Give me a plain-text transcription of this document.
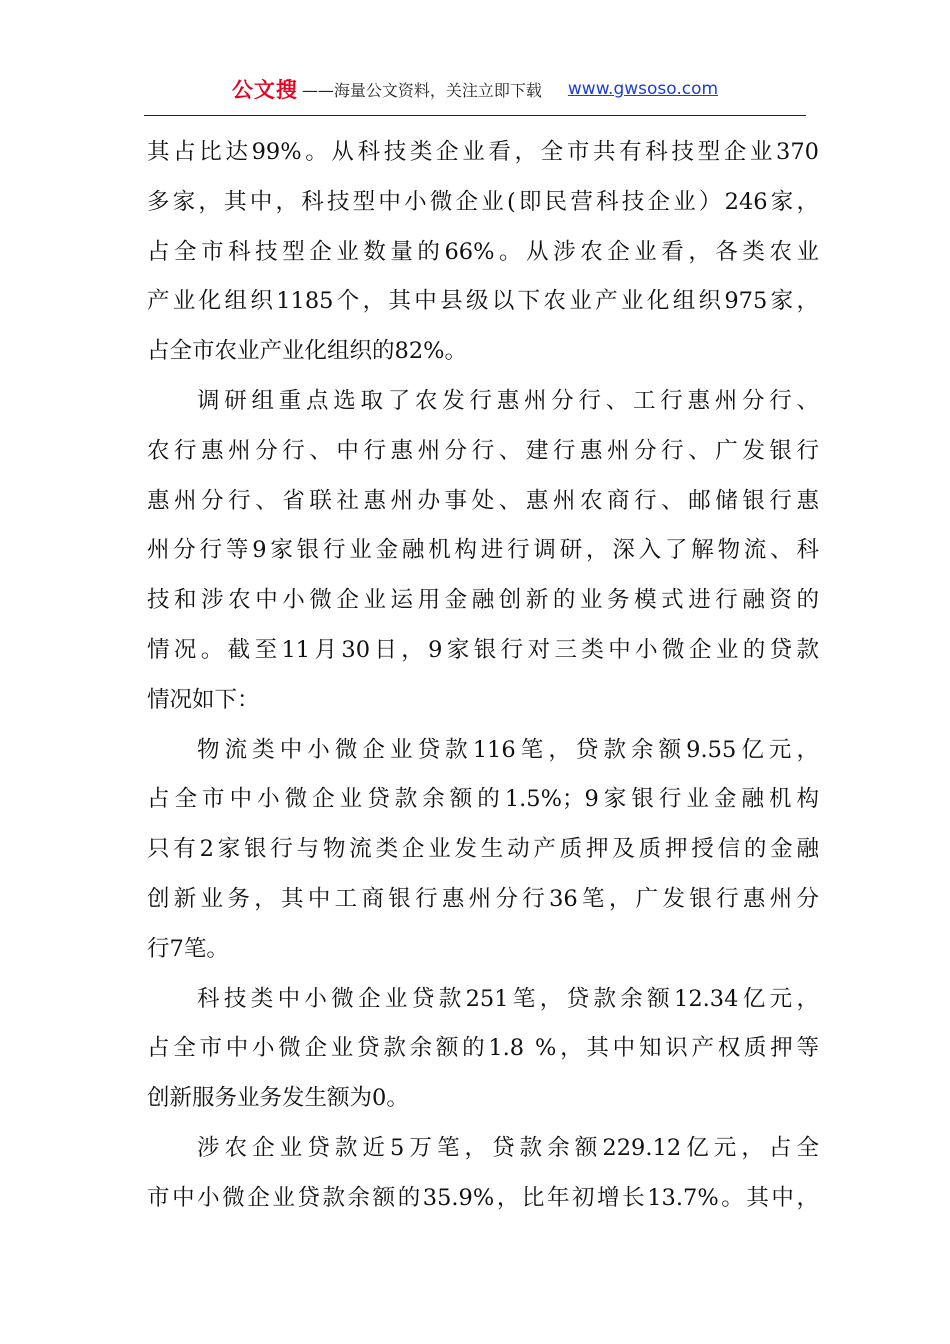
公文搜 ——海量公文资料，关注立即下载 www.gwsoso.com
其占比达99%。从科技类企业看，全市共有科技型企业370
多家，其中，科技型中小微企业(即民营科技企业）246家，
占全市科技型企业数量的66%。从涉农企业看，各类农业
产业化组织1185个，其中县级以下农业产业化组织975家，
占全市农业产业化组织的82%。
调研组重点选取了农发行惠州分行、工行惠州分行、
农行惠州分行、中行惠州分行、建行惠州分行、广发银行
惠州分行、省联社惠州办事处、惠州农商行、邮储银行惠
州分行等9家银行业金融机构进行调研，深入了解物流、科
技和涉农中小微企业运用金融创新的业务模式进行融资的
情况。截至11月30日，9家银行对三类中小微企业的贷款
情况如下：
物流类中小微企业贷款116笔，贷款余额9.55亿元，
占全市中小微企业贷款余额的1.5%；9家银行业金融机构
只有2家银行与物流类企业发生动产质押及质押授信的金融
创新业务，其中工商银行惠州分行36笔，广发银行惠州分
行7笔。
科技类中小微企业贷款251笔，贷款余额12.34亿元，
占全市中小微企业贷款余额的1.8 %，其中知识产权质押等
创新服务业务发生额为0。
涉农企业贷款近5万笔，贷款余额229.12亿元，占全
市中小微企业贷款余额的35.9%，比年初增长13.7%。其中，
